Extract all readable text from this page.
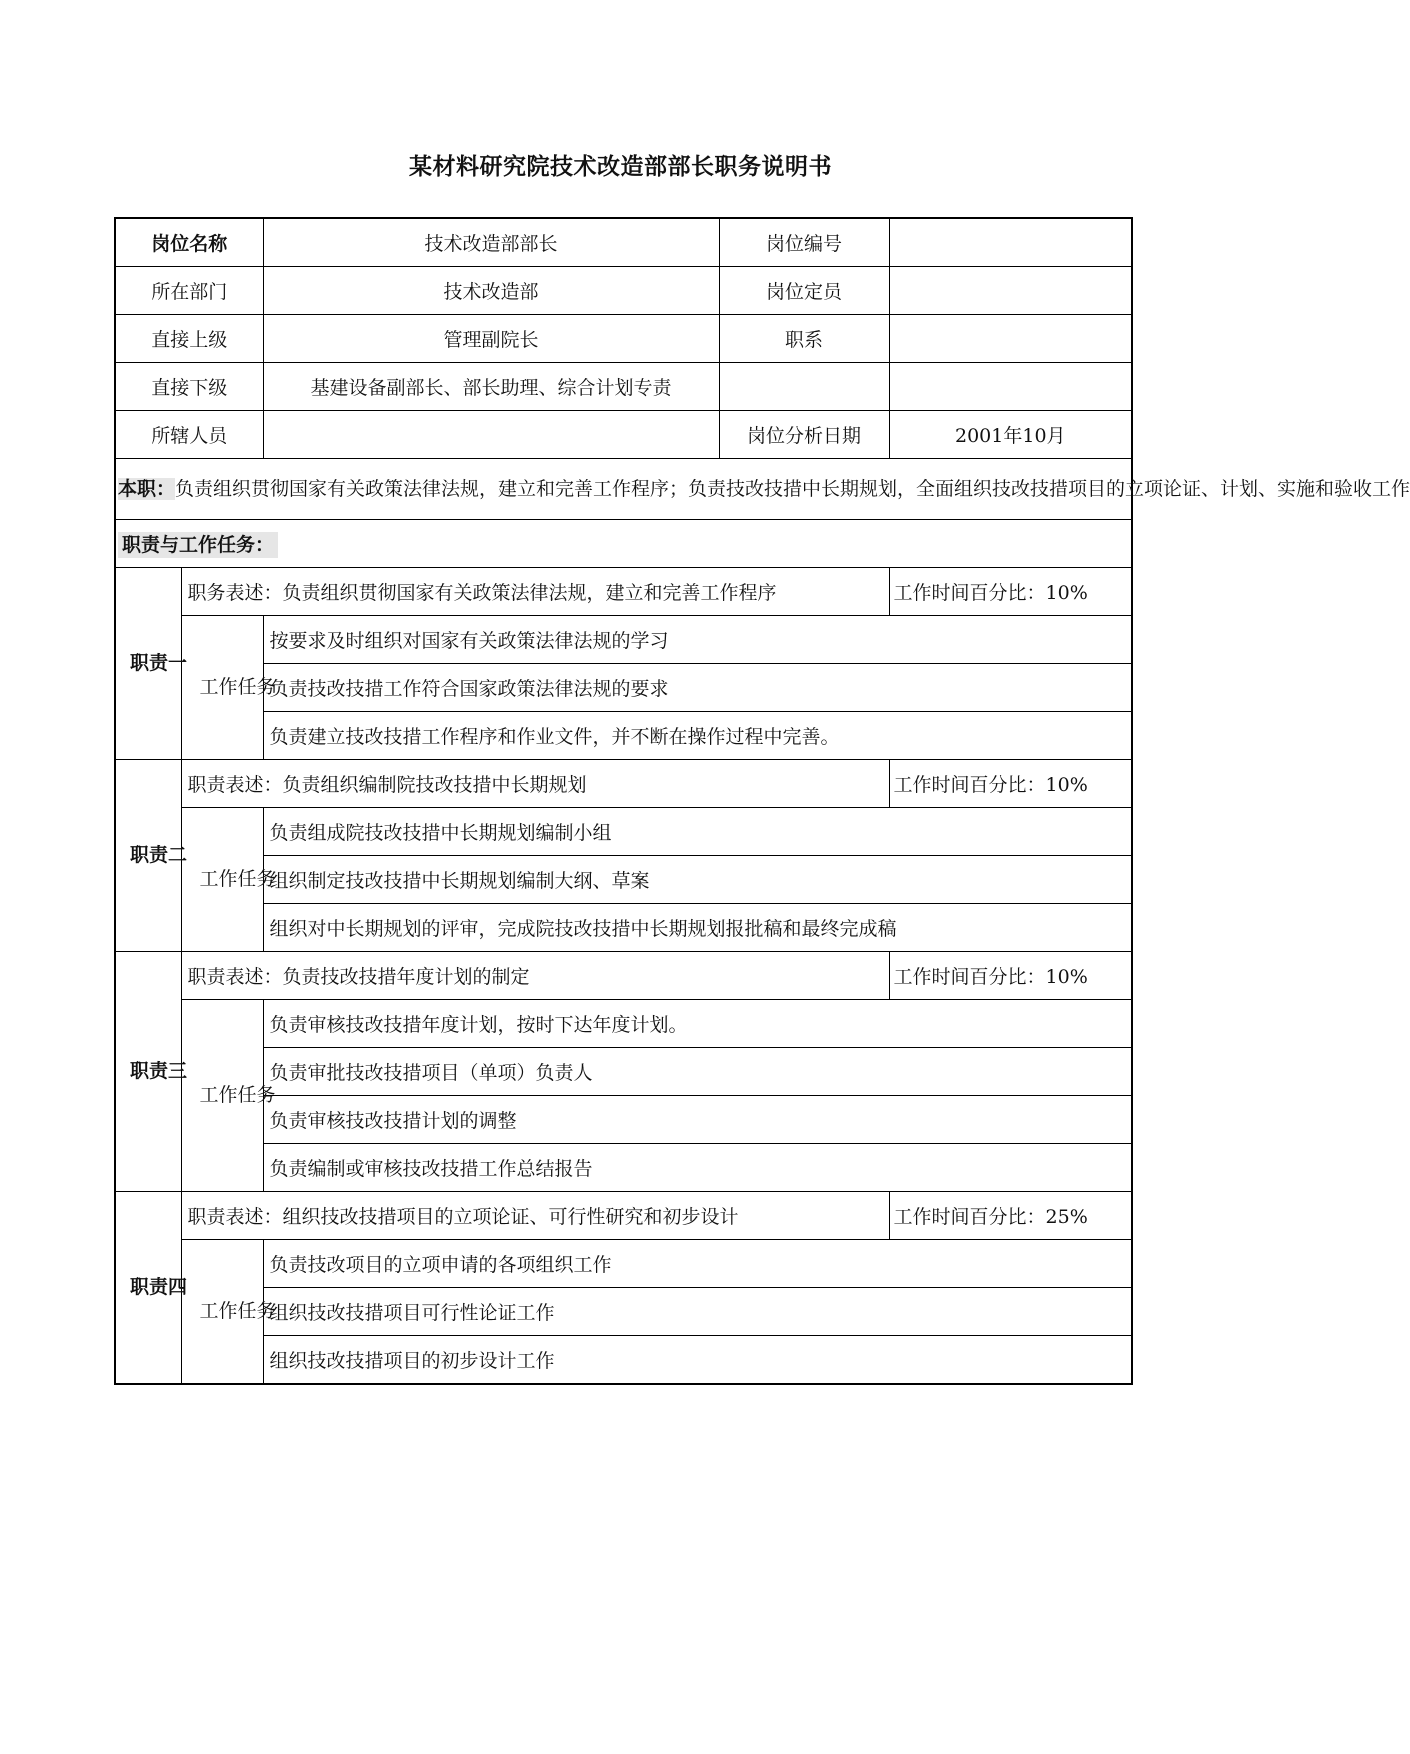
某材料研究院技术改造部部长职务说明书
岗位名称		技术改造部部长	岗位编号	
所在部门		技术改造部	岗位定员	
直接上级		管理副院长	职系	
直接下级		基建设备副部长、部长助理、综合计划专责		
所辖人员			岗位分析日期	2001年10月
本职：负责组织贯彻国家有关政策法律法规，建立和完善工作程序；负责技改技措中长期规划，全面组织技改技措项目的立项论证、计划、实施和验收工作				
职责与工作任务：				
职责一	职务表述：负责组织贯彻国家有关政策法律法规，建立和完善工作程序			工作时间百分比：10%
	工作任务	按要求及时组织对国家有关政策法律法规的学习		
		负责技改技措工作符合国家政策法律法规的要求		
		负责建立技改技措工作程序和作业文件，并不断在操作过程中完善。		
职责二	职责表述：负责组织编制院技改技措中长期规划			工作时间百分比：10%
	工作任务	负责组成院技改技措中长期规划编制小组		
		组织制定技改技措中长期规划编制大纲、草案		
		组织对中长期规划的评审，完成院技改技措中长期规划报批稿和最终完成稿		
职责三	职责表述：负责技改技措年度计划的制定			工作时间百分比：10%
	工作任务	负责审核技改技措年度计划，按时下达年度计划。		
		负责审批技改技措项目（单项）负责人		
		负责审核技改技措计划的调整		
		负责编制或审核技改技措工作总结报告		
职责四	职责表述：组织技改技措项目的立项论证、可行性研究和初步设计			工作时间百分比：25%
	工作任务	负责技改项目的立项申请的各项组织工作		
		组织技改技措项目可行性论证工作		
		组织技改技措项目的初步设计工作		
